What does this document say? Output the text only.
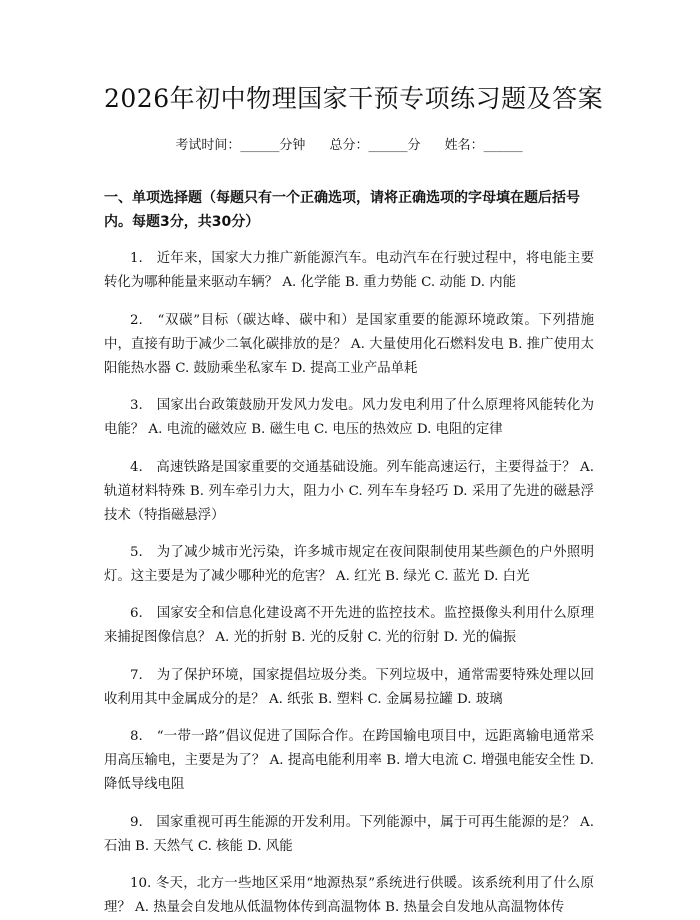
2026年初中物理国家干预专项练习题及答案
考试时间：______分钟 总分：______分 姓名：______
一、单项选择题（每题只有一个正确选项，请将正确选项的字母填在题后括号内。每题3分，共30分）

1.　近年来，国家大力推广新能源汽车。电动汽车在行驶过程中，将电能主要转化为哪种能量来驱动车辆？ A. 化学能 B. 重力势能 C. 动能 D. 内能

2.　“双碳”目标（碳达峰、碳中和）是国家重要的能源环境政策。下列措施中，直接有助于减少二氧化碳排放的是？ A. 大量使用化石燃料发电 B. 推广使用太阳能热水器 C. 鼓励乘坐私家车 D. 提高工业产品单耗

3.　国家出台政策鼓励开发风力发电。风力发电利用了什么原理将风能转化为电能？ A. 电流的磁效应 B. 磁生电 C. 电压的热效应 D. 电阻的定律

4.　高速铁路是国家重要的交通基础设施。列车能高速运行，主要得益于？ A. 轨道材料特殊 B. 列车牵引力大，阻力小 C. 列车车身轻巧 D. 采用了先进的磁悬浮技术（特指磁悬浮）

5.　为了减少城市光污染，许多城市规定在夜间限制使用某些颜色的户外照明灯。这主要是为了减少哪种光的危害？ A. 红光 B. 绿光 C. 蓝光 D. 白光

6.　国家安全和信息化建设离不开先进的监控技术。监控摄像头利用什么原理来捕捉图像信息？ A. 光的折射 B. 光的反射 C. 光的衍射 D. 光的偏振

7.　为了保护环境，国家提倡垃圾分类。下列垃圾中，通常需要特殊处理以回收利用其中金属成分的是？ A. 纸张 B. 塑料 C. 金属易拉罐 D. 玻璃

8.　“一带一路”倡议促进了国际合作。在跨国输电项目中，远距离输电通常采用高压输电，主要是为了？ A. 提高电能利用率 B. 增大电流 C. 增强电能安全性 D. 降低导线电阻

9.　国家重视可再生能源的开发利用。下列能源中，属于可再生能源的是？ A. 石油 B. 天然气 C. 核能 D. 风能

10. 冬天，北方一些地区采用“地源热泵”系统进行供暖。该系统利用了什么原理？ A. 热量会自发地从低温物体传到高温物体 B. 热量会自发地从高温物体传
